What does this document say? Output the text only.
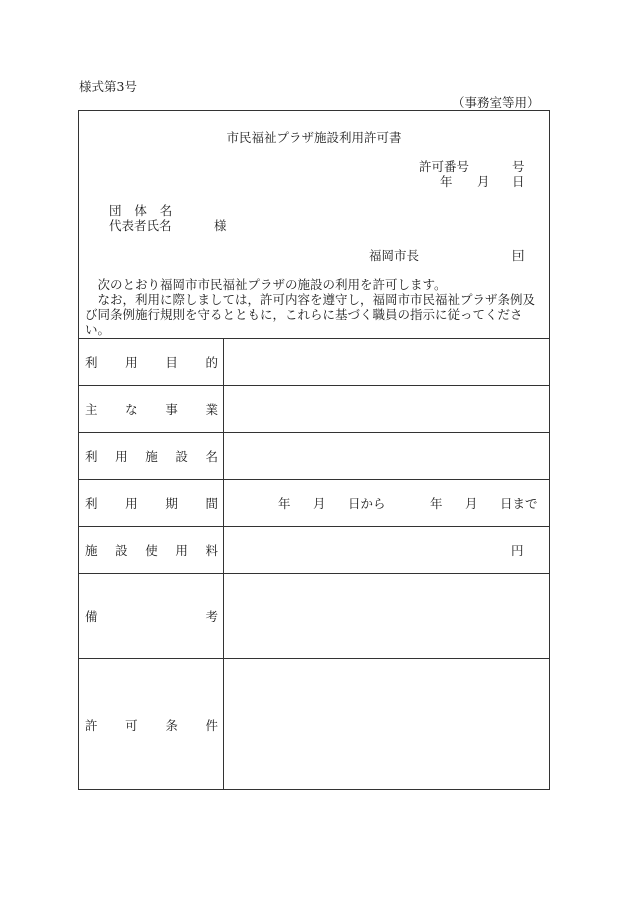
様式第3号
（事務室等用）
市民福祉プラザ施設利用許可書
許可番号	号
年 月 日
団　体　名
代表者氏名	様
福岡市長	囙

　次のとおり福岡市市民福祉プラザの施設の利用を許可します。

　なお，利用に際しましては，許可内容を遵守し，福岡市市民福祉プラザ条例及び同条例施行規則を守るとともに，これらに基づく職員の指示に従ってください。

利 用 目 的
主 な 事 業
利 用 施 設 名
利 用 期 間	年 月 日から	年 月 日まで
施 設 使 用 料	円
備	考
許 可 条 件
